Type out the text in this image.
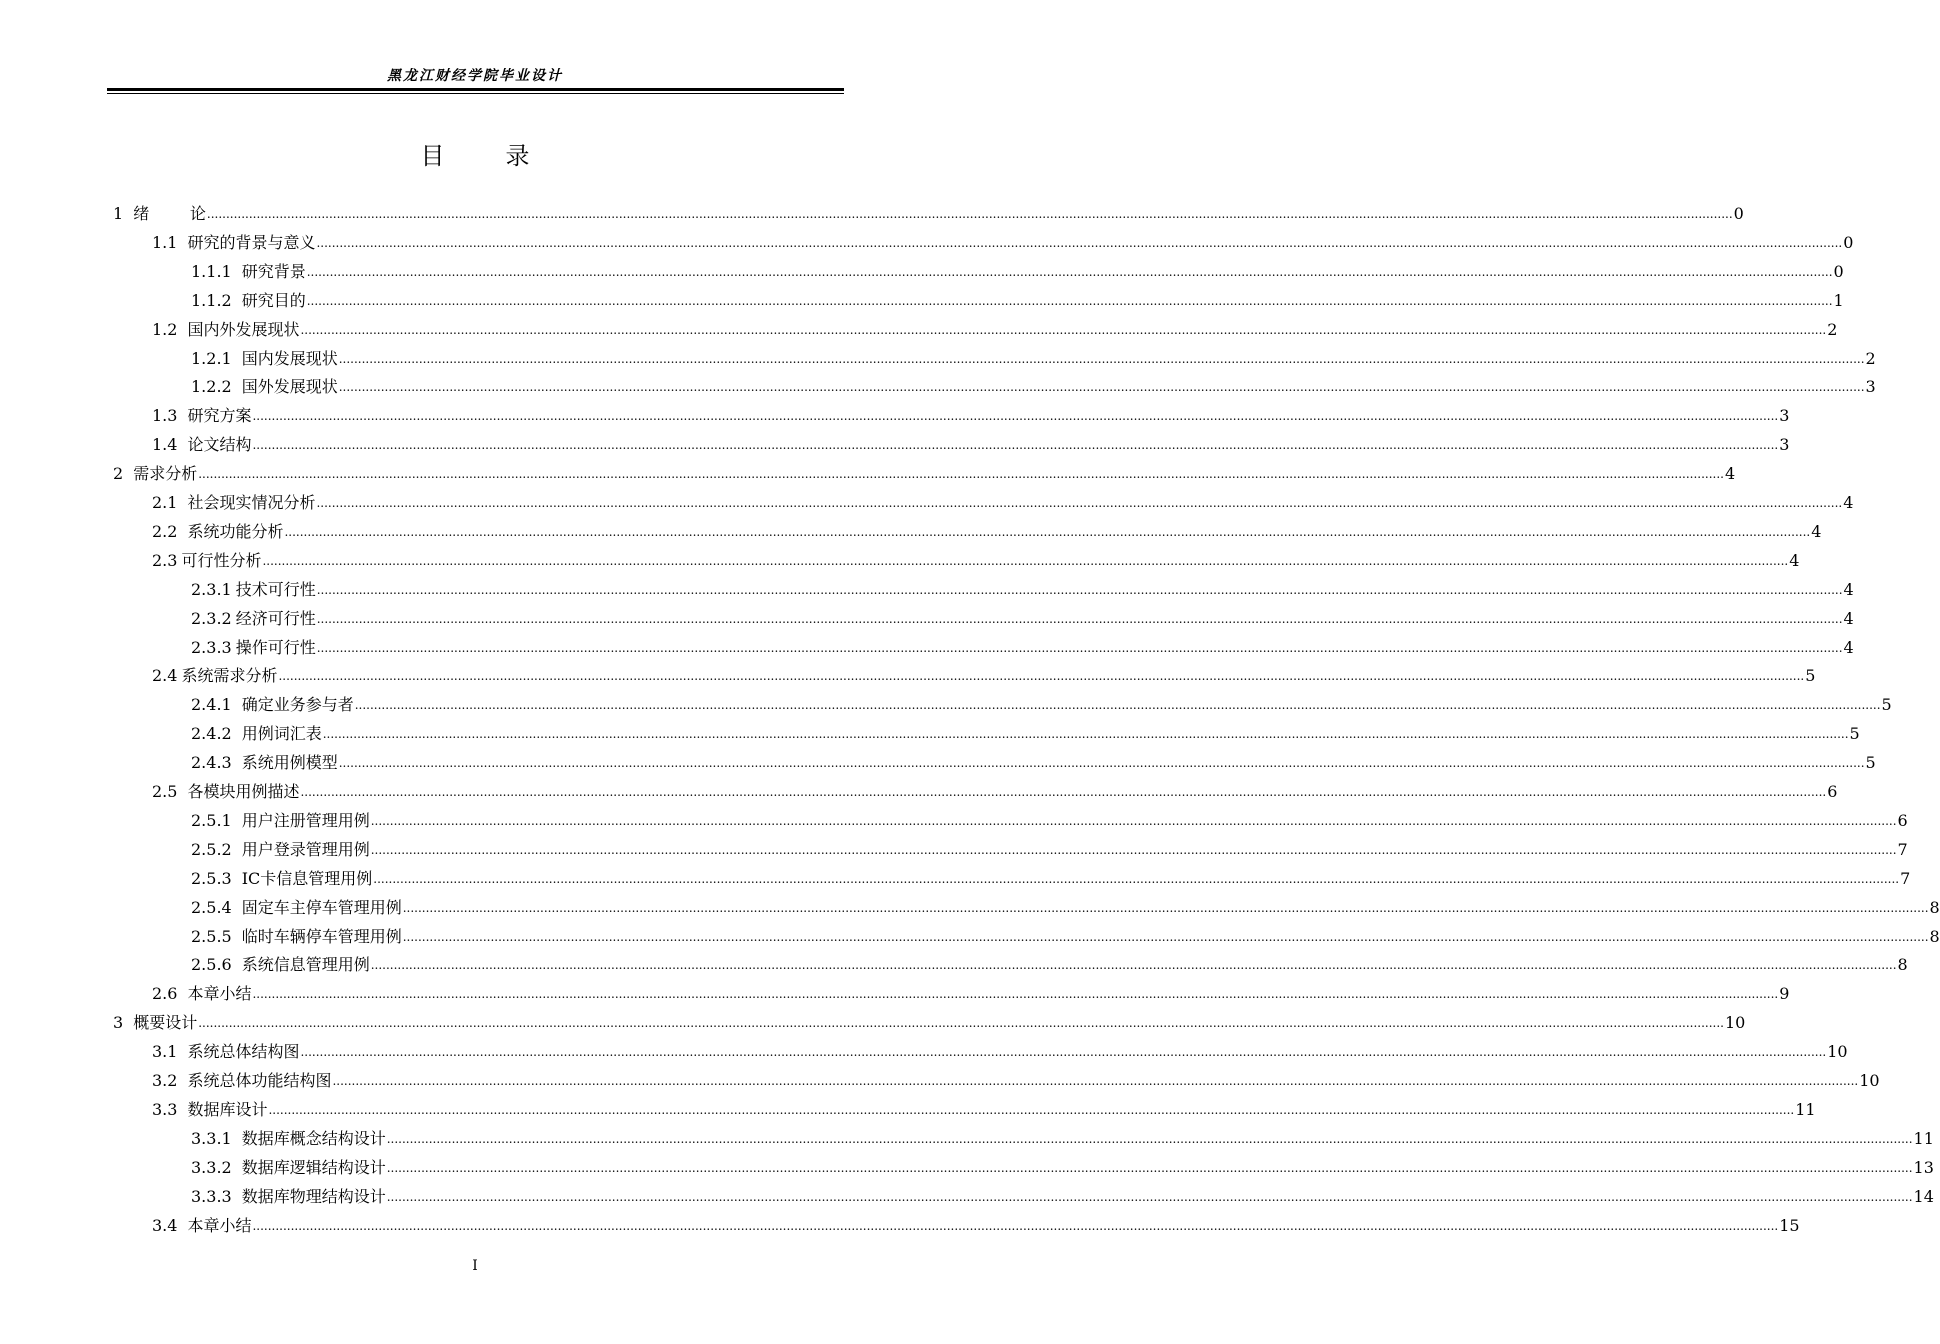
黑龙江财经学院毕业设计
目        录
1 绪        论 ................................................................................................................................................................................................................................................................................................................................................................................................................ 0
1.1 研究的背景与意义 ................................................................................................................................................................................................................................................................................................................................................................................................................ 0
1.1.1 研究背景 ................................................................................................................................................................................................................................................................................................................................................................................................................ 0
1.1.2 研究目的 ................................................................................................................................................................................................................................................................................................................................................................................................................ 1
1.2 国内外发展现状 ................................................................................................................................................................................................................................................................................................................................................................................................................ 2
1.2.1 国内发展现状 ................................................................................................................................................................................................................................................................................................................................................................................................................ 2
1.2.2 国外发展现状 ................................................................................................................................................................................................................................................................................................................................................................................................................ 3
1.3 研究方案 ................................................................................................................................................................................................................................................................................................................................................................................................................ 3
1.4 论文结构 ................................................................................................................................................................................................................................................................................................................................................................................................................ 3
2 需求分析 ................................................................................................................................................................................................................................................................................................................................................................................................................ 4
2.1 社会现实情况分析 ................................................................................................................................................................................................................................................................................................................................................................................................................ 4
2.2 系统功能分析 ................................................................................................................................................................................................................................................................................................................................................................................................................ 4
2.3 可行性分析 ................................................................................................................................................................................................................................................................................................................................................................................................................ 4
2.3.1 技术可行性 ................................................................................................................................................................................................................................................................................................................................................................................................................ 4
2.3.2 经济可行性 ................................................................................................................................................................................................................................................................................................................................................................................................................ 4
2.3.3 操作可行性 ................................................................................................................................................................................................................................................................................................................................................................................................................ 4
2.4 系统需求分析 ................................................................................................................................................................................................................................................................................................................................................................................................................ 5
2.4.1 确定业务参与者 ................................................................................................................................................................................................................................................................................................................................................................................................................ 5
2.4.2 用例词汇表 ................................................................................................................................................................................................................................................................................................................................................................................................................ 5
2.4.3 系统用例模型 ................................................................................................................................................................................................................................................................................................................................................................................................................ 5
2.5 各模块用例描述 ................................................................................................................................................................................................................................................................................................................................................................................................................ 6
2.5.1 用户注册管理用例 ................................................................................................................................................................................................................................................................................................................................................................................................................ 6
2.5.2 用户登录管理用例 ................................................................................................................................................................................................................................................................................................................................................................................................................ 7
2.5.3 IC卡信息管理用例 ................................................................................................................................................................................................................................................................................................................................................................................................................ 7
2.5.4 固定车主停车管理用例 ................................................................................................................................................................................................................................................................................................................................................................................................................ 8
2.5.5 临时车辆停车管理用例 ................................................................................................................................................................................................................................................................................................................................................................................................................ 8
2.5.6 系统信息管理用例 ................................................................................................................................................................................................................................................................................................................................................................................................................ 8
2.6 本章小结 ................................................................................................................................................................................................................................................................................................................................................................................................................ 9
3 概要设计 ................................................................................................................................................................................................................................................................................................................................................................................................................ 10
3.1 系统总体结构图 ................................................................................................................................................................................................................................................................................................................................................................................................................ 10
3.2 系统总体功能结构图 ................................................................................................................................................................................................................................................................................................................................................................................................................ 10
3.3 数据库设计 ................................................................................................................................................................................................................................................................................................................................................................................................................ 11
3.3.1 数据库概念结构设计 ................................................................................................................................................................................................................................................................................................................................................................................................................ 11
3.3.2 数据库逻辑结构设计 ................................................................................................................................................................................................................................................................................................................................................................................................................ 13
3.3.3 数据库物理结构设计 ................................................................................................................................................................................................................................................................................................................................................................................................................ 14
3.4 本章小结 ................................................................................................................................................................................................................................................................................................................................................................................................................ 15
I
